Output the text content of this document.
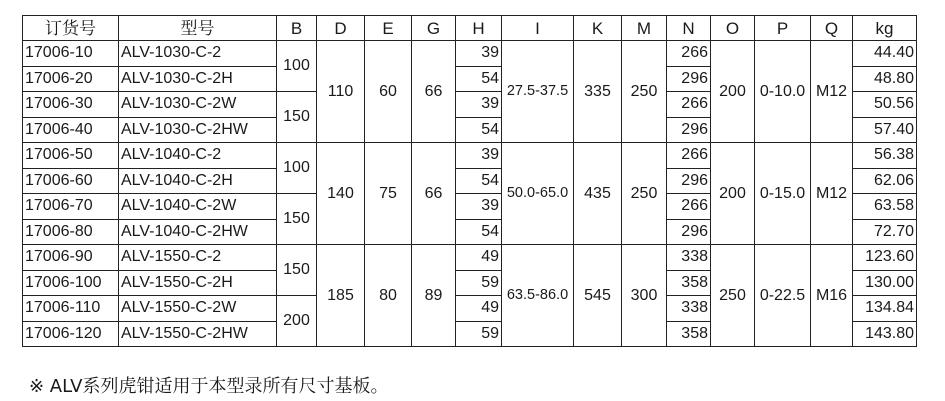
订货号	型号	B	D	E	G	H	I	K	M	N	O	P	Q	kg
17006-10	ALV-1030-C-2	100	110	60	66	39	27.5-37.5	335	250	266	200	0-10.0	M12	44.40
17006-20	ALV-1030-C-2H					54				296				48.80
17006-30	ALV-1030-C-2W	150				39				266				50.56
17006-40	ALV-1030-C-2HW					54				296				57.40
17006-50	ALV-1040-C-2	100	140	75	66	39	50.0-65.0	435	250	266	200	0-15.0	M12	56.38
17006-60	ALV-1040-C-2H					54				296				62.06
17006-70	ALV-1040-C-2W	150				39				266				63.58
17006-80	ALV-1040-C-2HW					54				296				72.70
17006-90	ALV-1550-C-2	150	185	80	89	49	63.5-86.0	545	300	338	250	0-22.5	M16	123.60
17006-100	ALV-1550-C-2H					59				358				130.00
17006-110	ALV-1550-C-2W	200				49				338				134.84
17006-120	ALV-1550-C-2HW					59				358				143.80
※ ALV系列虎钳适用于本型录所有尺寸基板。
